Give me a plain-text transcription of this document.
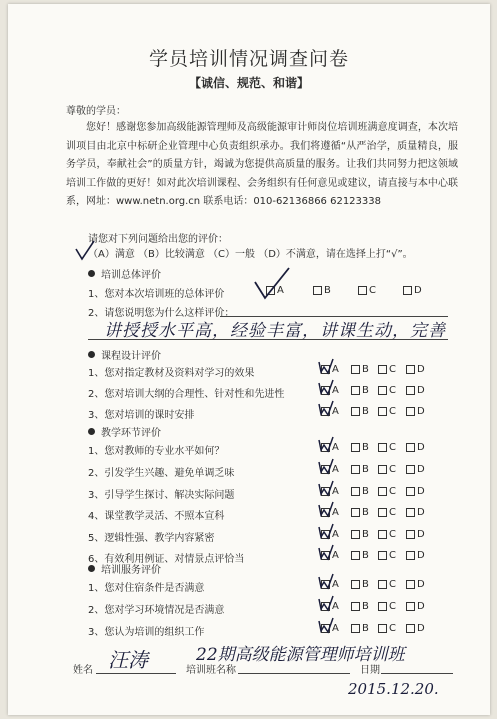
学员培训情况调查问卷
【诚信、规范、和谐】
尊敬的学员：

您好！感谢您参加高级能源管理师及高级能源审计师岗位培训班满意度调查，本次培训项目由北京中标研企业管理中心负责组织承办。我们将遵循“从严治学，质量精良，服务学员，奉献社会”的质量方针，竭诚为您提供高质量的服务。让我们共同努力把这领域培训工作做的更好！如对此次培训课程、会务组织有任何意见或建议，请直接与本中心联系，网址：www.netn.org.cn 联系电话：010-62136866 62123338

请您对下列问题给出您的评价：
（A）满意 （B）比较满意 （C）一般 （D）不满意，请在选择上打“√”。
培训总体评价
1、您对本次培训班的总体评价	A	B	C	D
2、请您说明您为什么这样评价：
讲授授水平高，经验丰富，讲课生动，完善
课程设计评价
教学环节评价
培训服务评价
姓名 汪涛	培训班名称
22期高级能源管理师培训班
日期
2015.12.20.
1、您对指定教材及资料对学习的效果	A B C D
2、您对培训大纲的合理性、针对性和先进性	A B C D
3、您对培训的课时安排	A B C D
1、您对教师的专业水平如何？	A B C D
2、引发学生兴趣、避免单调乏味	A B C D
3、引导学生探讨、解决实际问题	A B C D
4、课堂教学灵活、不照本宣科	A B C D
5、逻辑性强、教学内容紧密	A B C D
6、有效利用例证、对情景点评恰当	A B C D
1、您对住宿条件是否满意	A B C D
2、您对学习环境情况是否满意	A B C D
3、您认为培训的组织工作	A B C D
